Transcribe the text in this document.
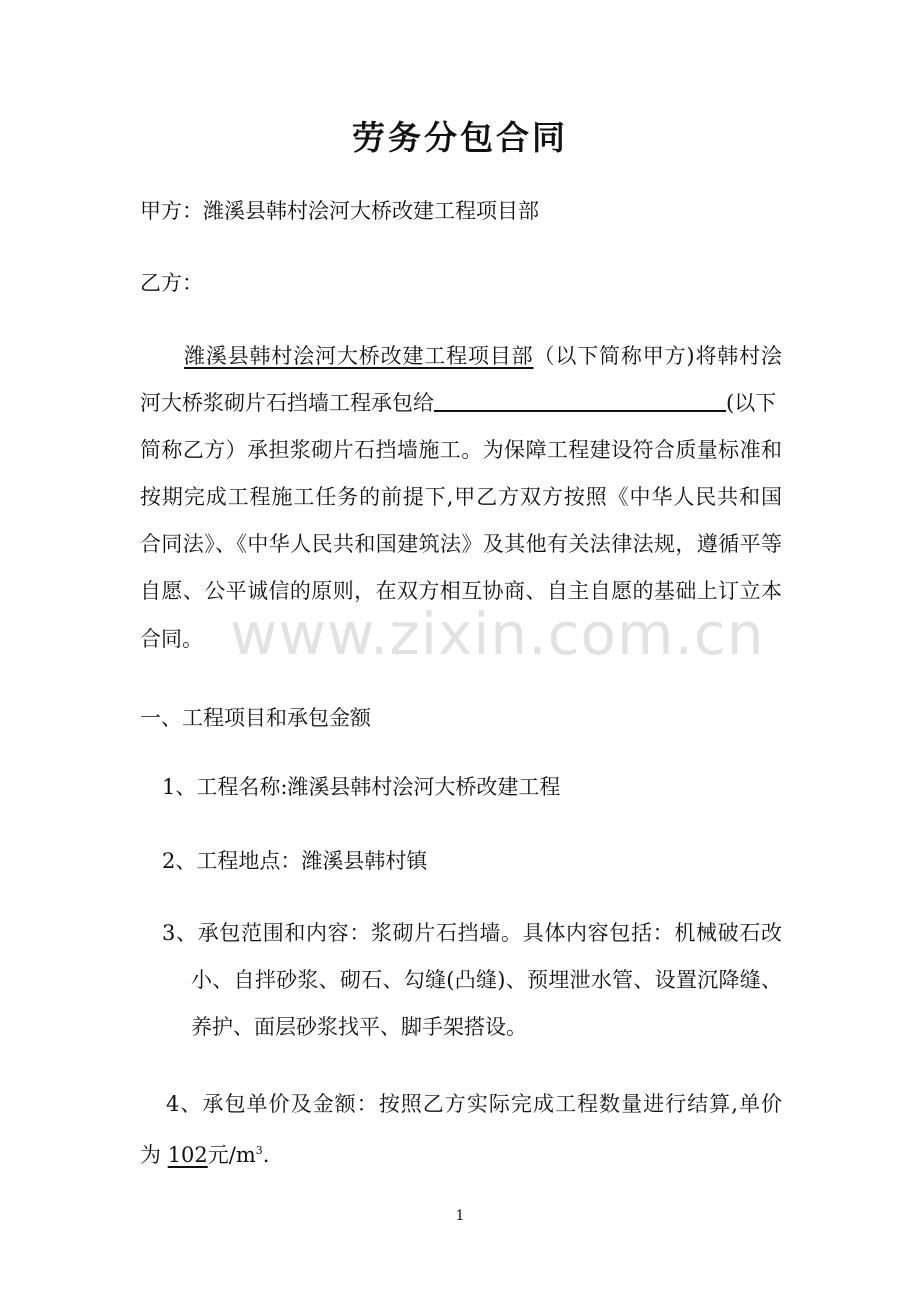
劳务分包合同
甲方：潍溪县韩村浍河大桥改建工程项目部
乙方：
潍溪县韩村浍河大桥改建工程项目部（以下简称甲方)将韩村浍
河大桥浆砌片石挡墙工程承包给	(以下
简称乙方）承担浆砌片石挡墙施工。为保障工程建设符合质量标准和
按期完成工程施工任务的前提下,甲乙方双方按照《中华人民共和国
合同法》、《中华人民共和国建筑法》及其他有关法律法规，遵循平等
自愿、公平诚信的原则，在双方相互协商、自主自愿的基础上订立本
合同。
一、工程项目和承包金额
1、工程名称:潍溪县韩村浍河大桥改建工程
2、工程地点：潍溪县韩村镇
3、承包范围和内容：浆砌片石挡墙。具体内容包括：机械破石改
小、自拌砂浆、砌石、勾缝(凸缝)、预埋泄水管、设置沉降缝、
养护、面层砂浆找平、脚手架搭设。
4、承包单价及金额：按照乙方实际完成工程数量进行结算,单价
为 102元$/m^3$.
www.zixin.com.cn
1
